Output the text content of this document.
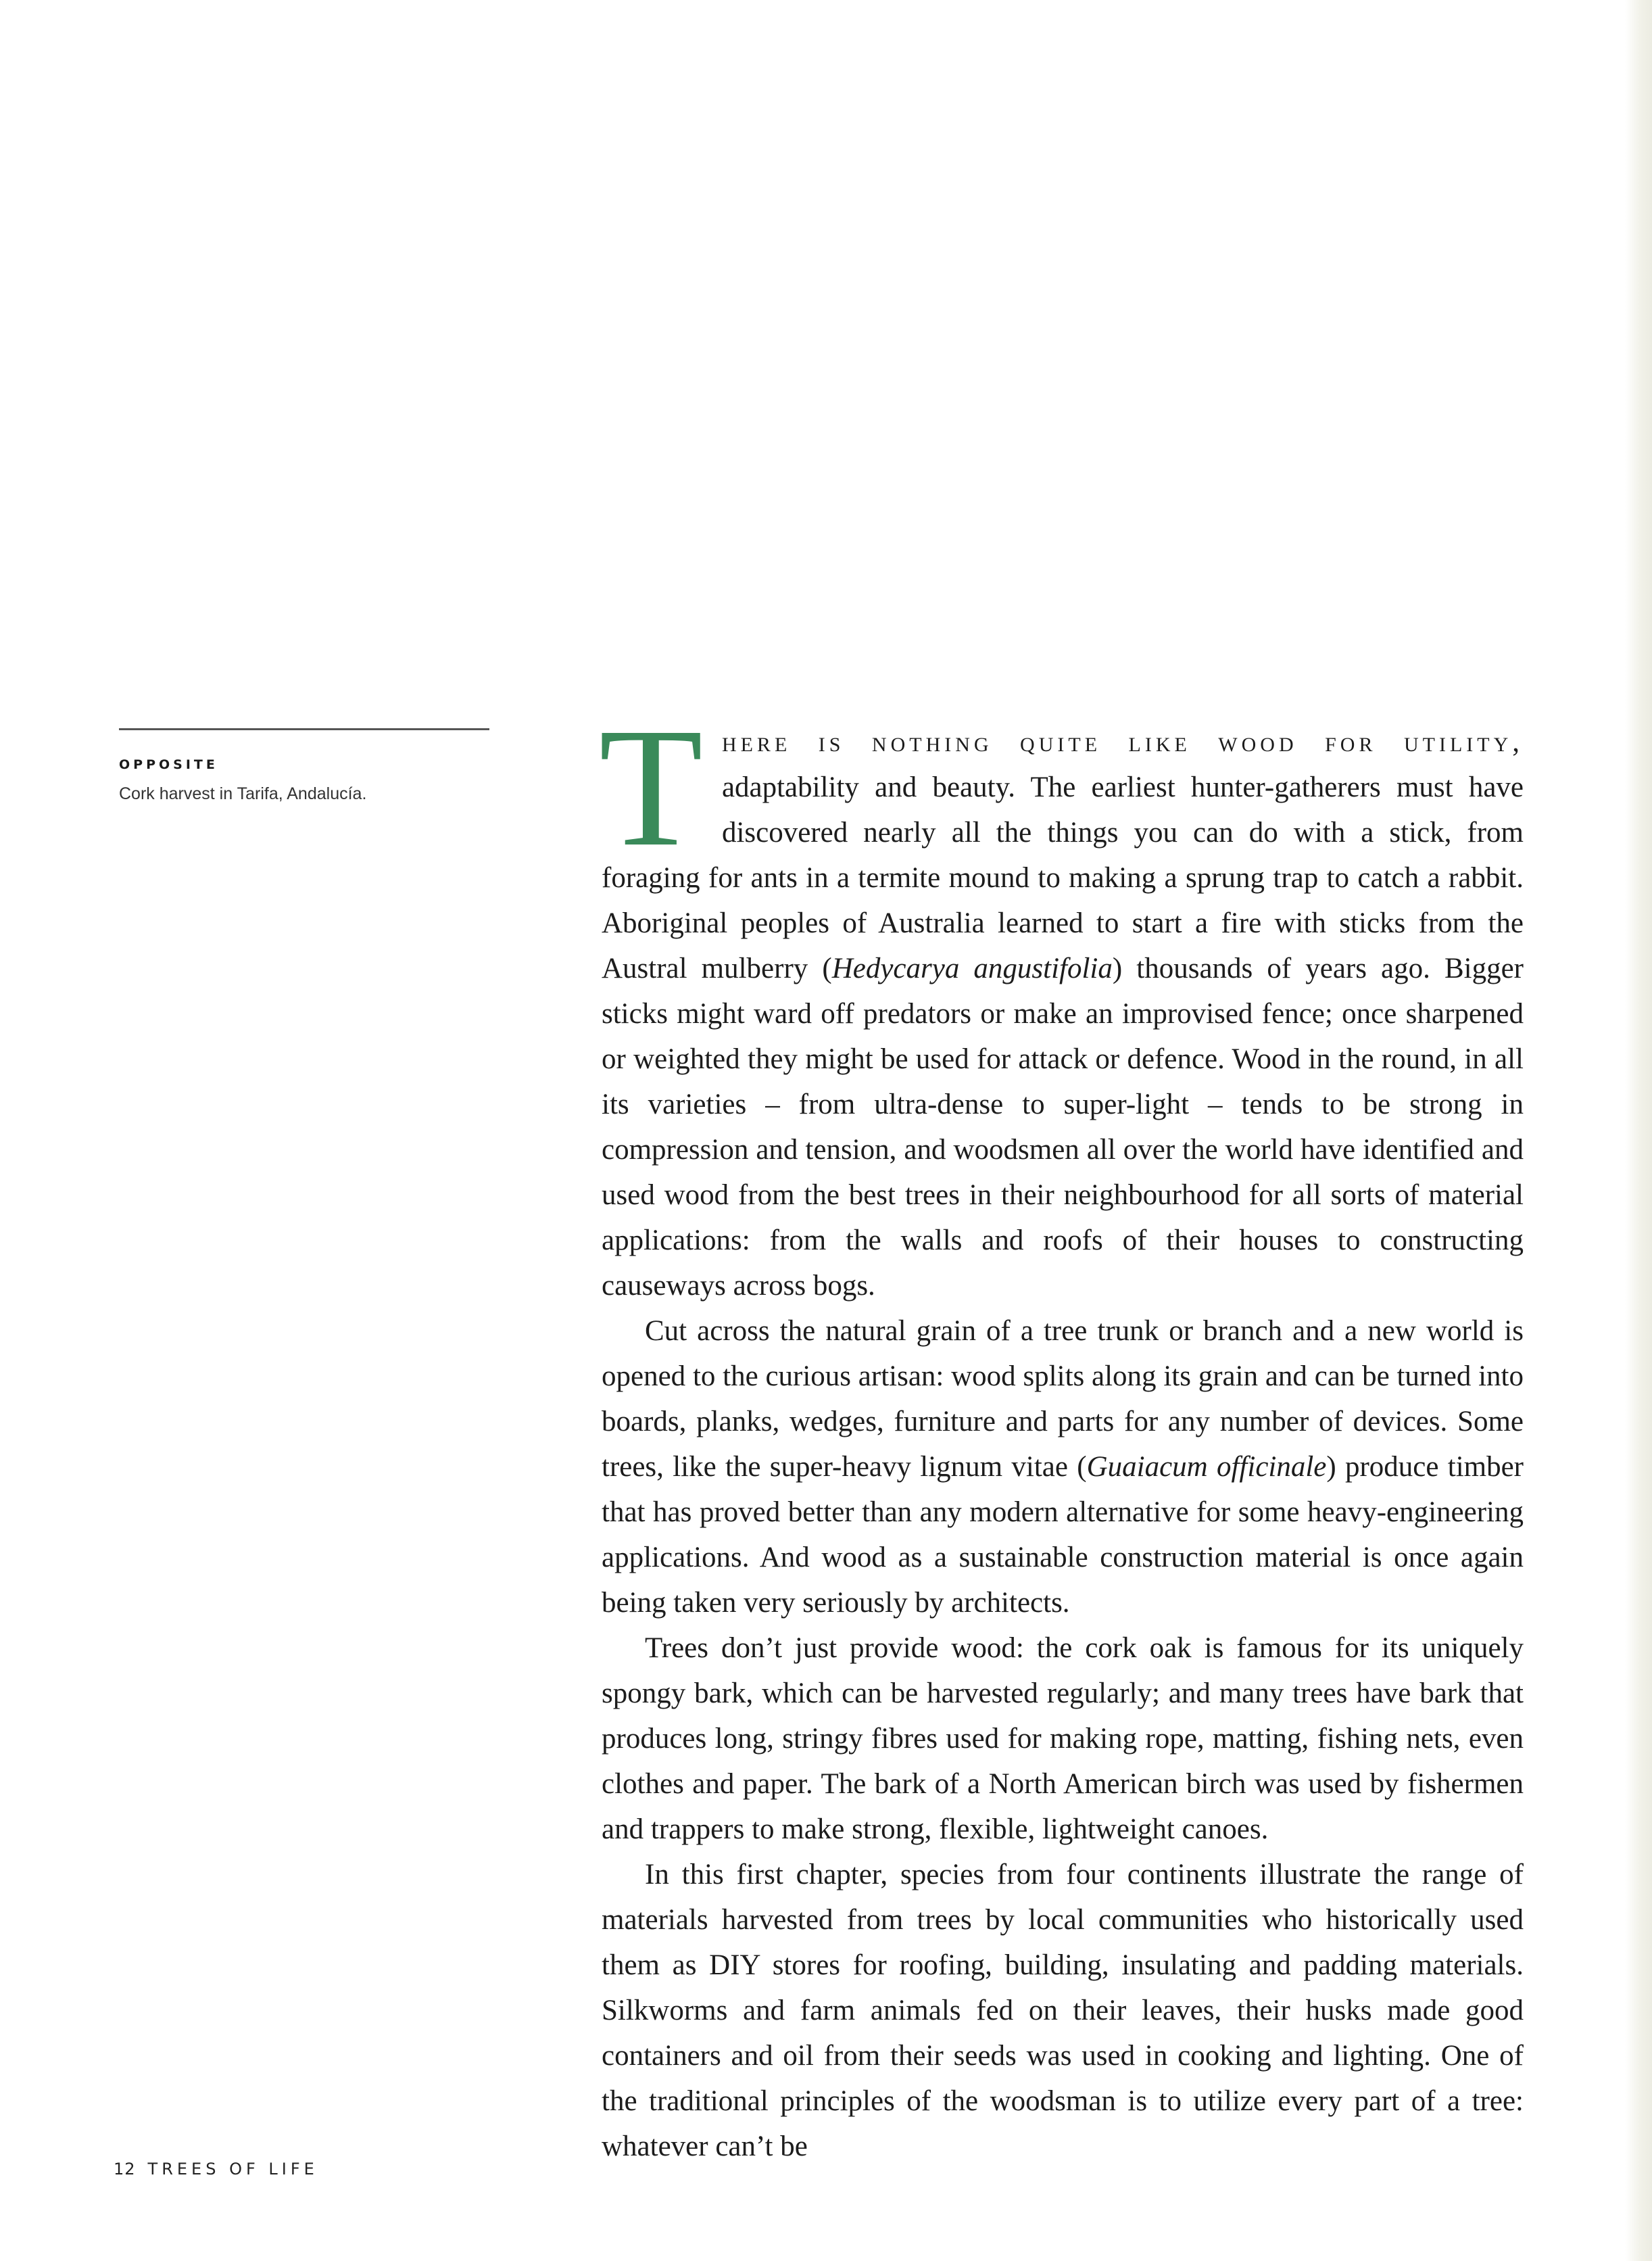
OPPOSITE
Cork harvest in Tarifa, Andalucía. There is nothing quite like wood for utility, adaptability and beauty. The earliest hunter-gatherers must have discovered nearly all the things you can do with a stick, from foraging for ants in a termite mound to making a sprung trap to catch a rabbit. Aboriginal peoples of Australia learned to start a fire with sticks from the Austral mulberry (Hedycarya angustifolia) thousands of years ago. Bigger sticks might ward off predators or make an improvised fence; once sharpened or weighted they might be used for attack or defence. Wood in the round, in all its varieties – from ultra-dense to super-light – tends to be strong in compression and tension, and woodsmen all over the world have identified and used wood from the best trees in their neighbourhood for all sorts of material applications: from the walls and roofs of their houses to constructing causeways across bogs.

Cut across the natural grain of a tree trunk or branch and a new world is opened to the curious artisan: wood splits along its grain and can be turned into boards, planks, wedges, furniture and parts for any number of devices. Some trees, like the super-heavy lignum vitae (Guaiacum officinale) produce timber that has proved better than any modern alternative for some heavy-engineering applications. And wood as a sustainable construction material is once again being taken very seriously by architects.

Trees don’t just provide wood: the cork oak is famous for its uniquely spongy bark, which can be harvested regularly; and many trees have bark that produces long, stringy fibres used for making rope, matting, fishing nets, even clothes and paper. The bark of a North American birch was used by fishermen and trappers to make strong, flexible, lightweight canoes.

In this first chapter, species from four continents illustrate the range of materials harvested from trees by local communities who historically used them as DIY stores for roofing, building, insulating and padding materials. Silkworms and farm animals fed on their leaves, their husks made good containers and oil from their seeds was used in cooking and lighting. One of the traditional principles of the woodsman is to utilize every part of a tree: whatever can’t be

12 TREES OF LIFE
